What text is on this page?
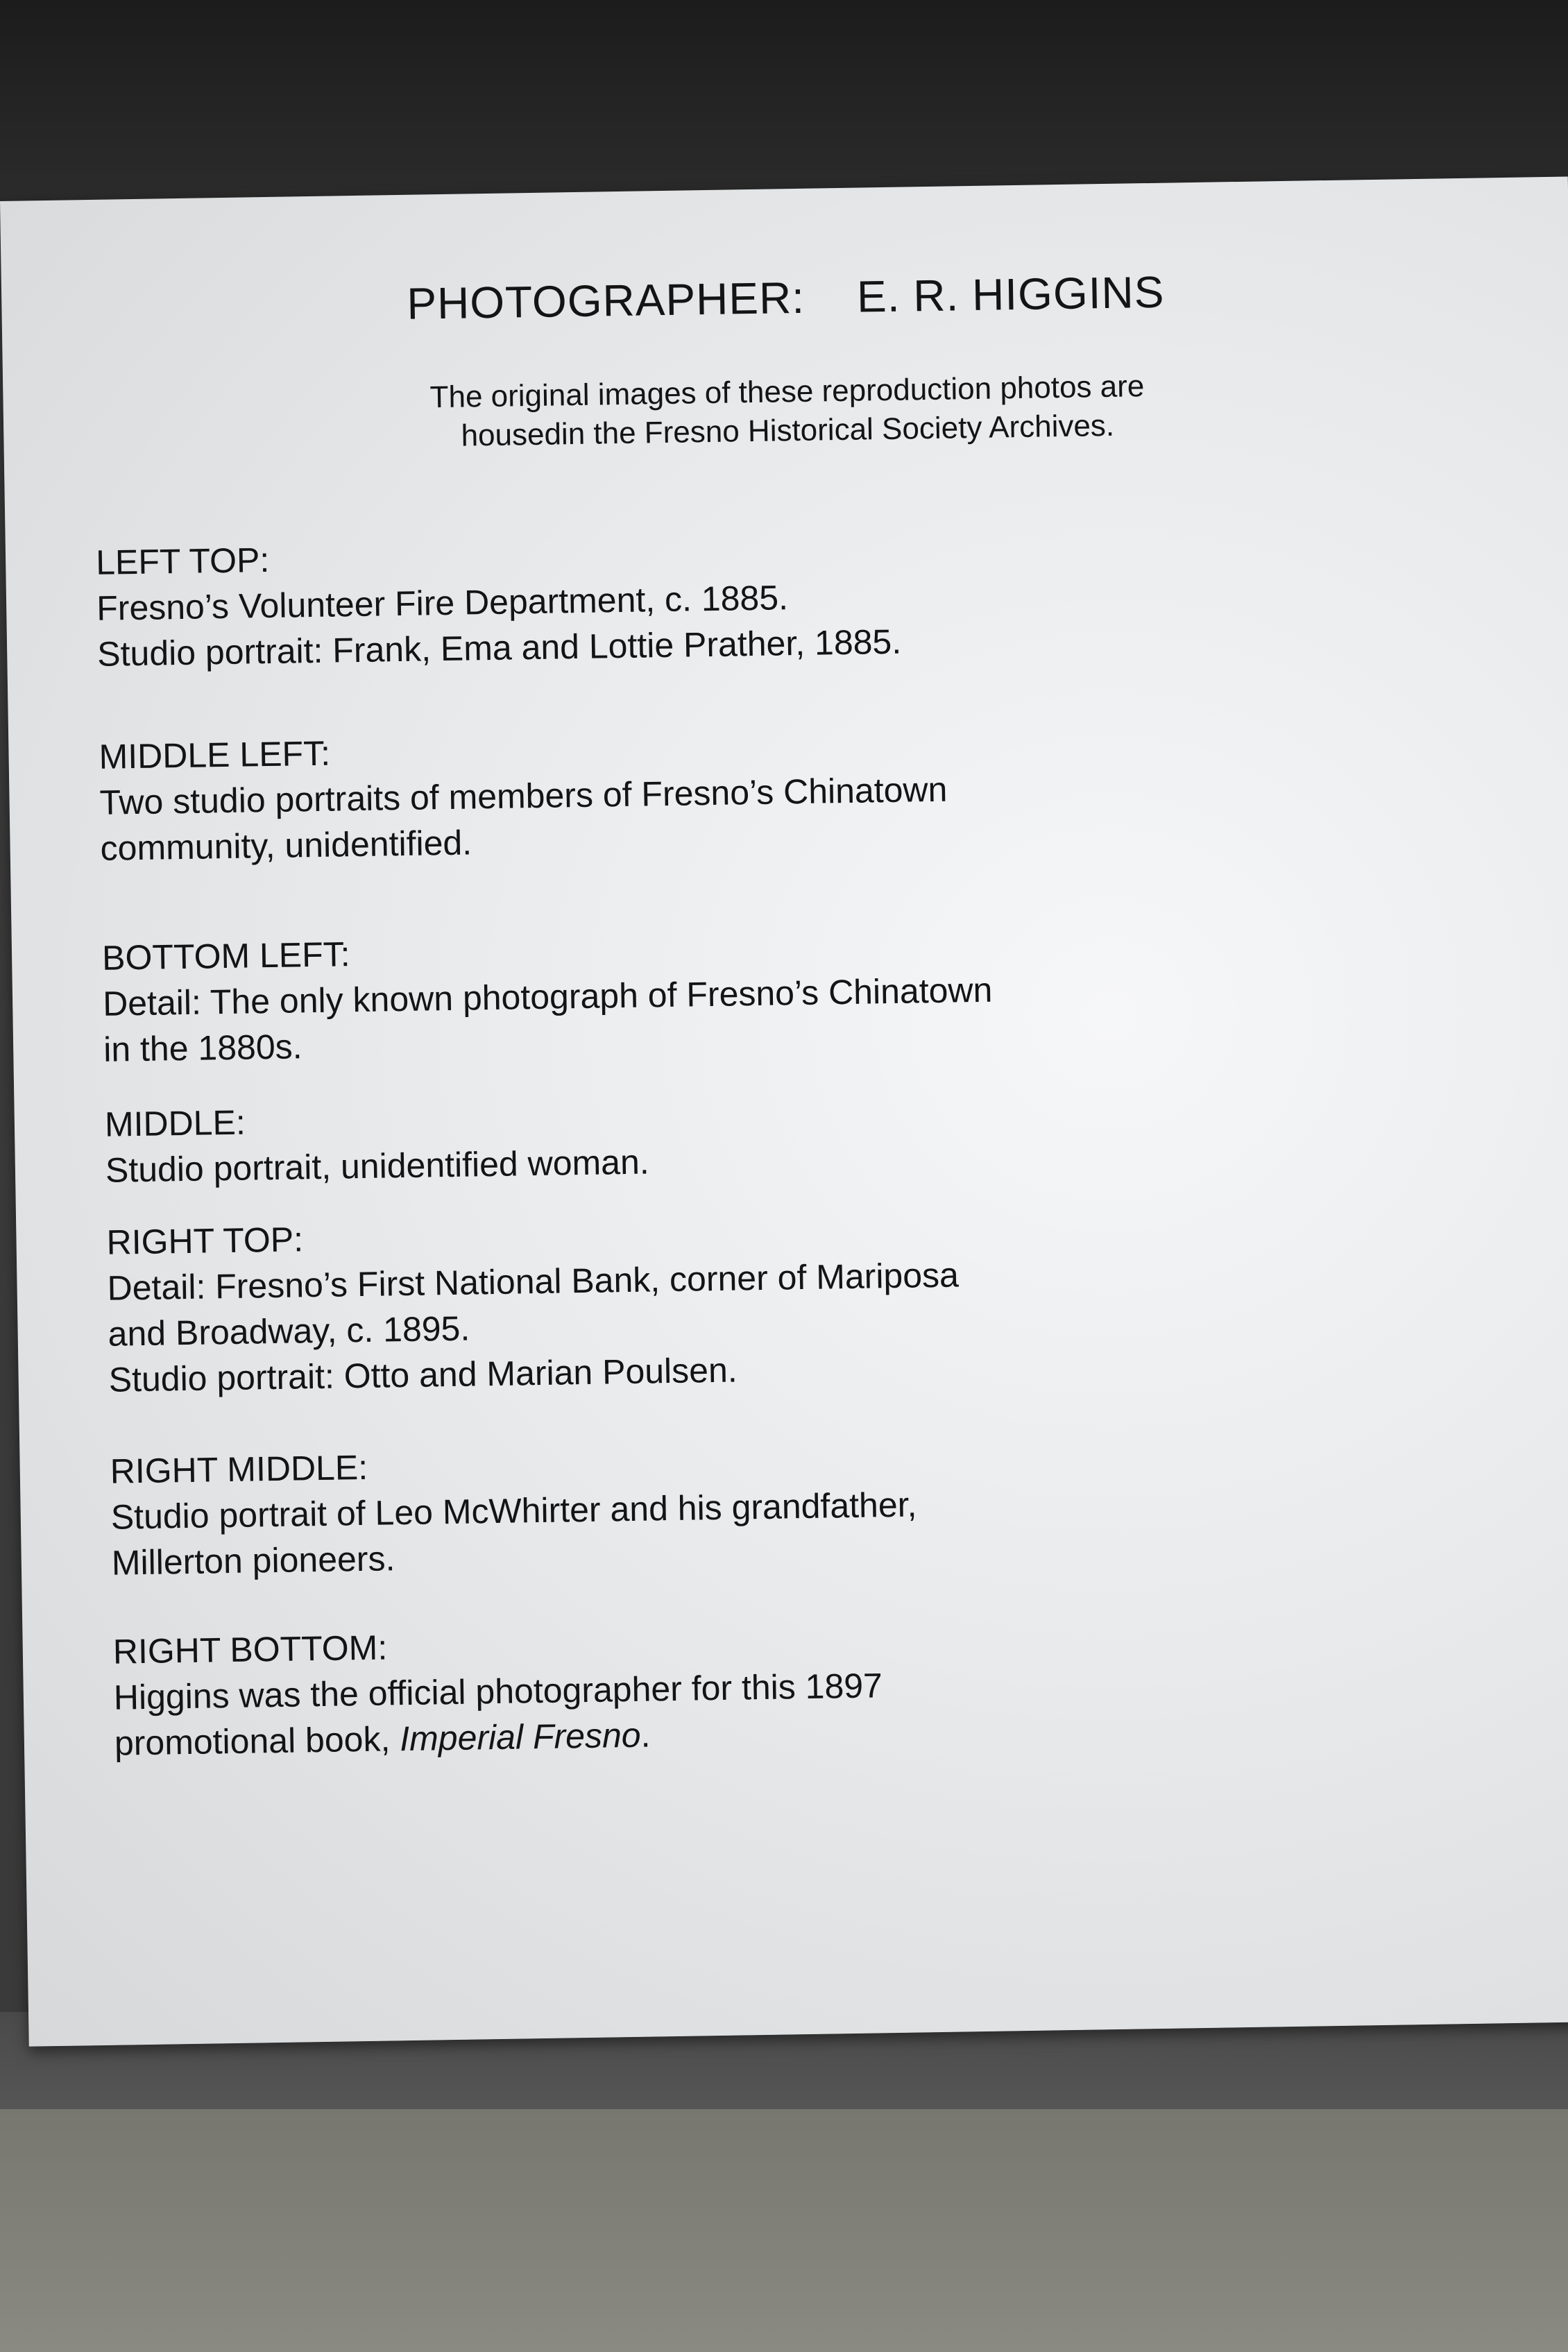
PHOTOGRAPHER:    E. R. HIGGINS
The original images of these reproduction photos are
housedin the Fresno Historical Society Archives.
LEFT TOP:
Fresno’s Volunteer Fire Department, c. 1885.
Studio portrait: Frank, Ema and Lottie Prather, 1885.
MIDDLE LEFT:
Two studio portraits of members of Fresno’s Chinatown
community, unidentified.
BOTTOM LEFT:
Detail: The only known photograph of Fresno’s Chinatown
in the 1880s.
MIDDLE:
Studio portrait, unidentified woman.
RIGHT TOP:
Detail: Fresno’s First National Bank, corner of Mariposa
and Broadway, c. 1895.
Studio portrait: Otto and Marian Poulsen.
RIGHT MIDDLE:
Studio portrait of Leo McWhirter and his grandfather,
Millerton pioneers.
RIGHT BOTTOM:
Higgins was the official photographer for this 1897
promotional book, Imperial Fresno.
